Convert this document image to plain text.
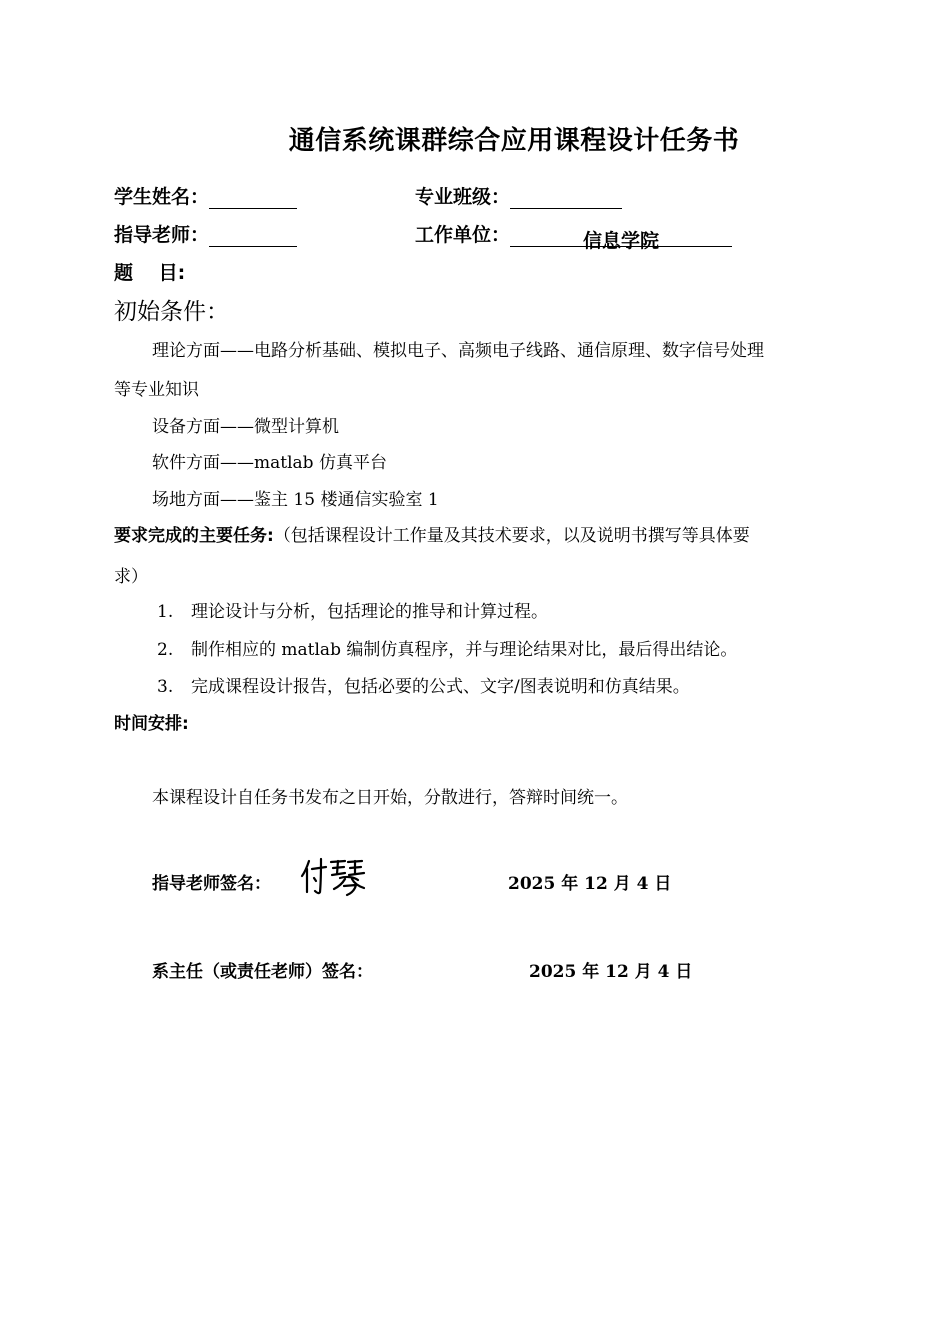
通信系统课群综合应用课程设计任务书
学生姓名：	专业班级：
指导老师：	工作单位：	信息学院
题　 目:
初始条件：
理论方面——电路分析基础、模拟电子、高频电子线路、通信原理、数字信号处理
等专业知识
设备方面——微型计算机
软件方面——matlab 仿真平台
场地方面——鉴主 15 楼通信实验室 1
要求完成的主要任务:（包括课程设计工作量及其技术要求，以及说明书撰写等具体要
求）
1. 理论设计与分析，包括理论的推导和计算过程。
2. 制作相应的 matlab 编制仿真程序，并与理论结果对比，最后得出结论。
3. 完成课程设计报告，包括必要的公式、文字/图表说明和仿真结果。
时间安排:
本课程设计自任务书发布之日开始，分散进行，答辩时间统一。
指导老师签名：	2025 年 12 月 4 日
系主任（或责任老师）签名：	2025 年 12 月 4 日
